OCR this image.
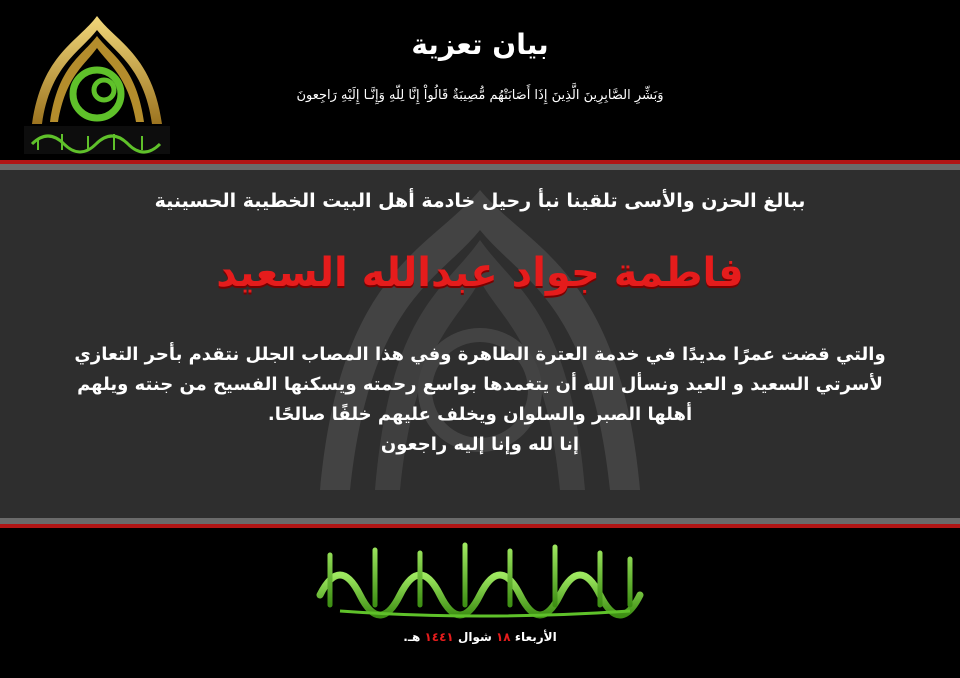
بيان تعزية
وَبَشِّرِ الصَّابِرِينَ الَّذِينَ إِذَا أَصَابَتْهُم مُّصِيبَةٌ قَالُواْ إِنَّا لِلّهِ وَإِنَّـا إِلَيْهِ رَاجِعونَ
ببالغ الحزن والأسى تلقينا نبأ رحيل خادمة أهل البيت الخطيبة الحسينية
فاطمة جواد عبدالله السعيد

والتي قضت عمرًا مديدًا في خدمة العترة الطاهرة وفي هذا المصاب الجلل نتقدم بأحر التعازي

لأسرتي السعيد و العيد ونسأل الله أن يتغمدها بواسع رحمته ويسكنها الفسيح من جنته ويلهم

أهلها الصبر والسلوان ويخلف عليهم خلفًا صالحًا.

إنا لله وإنا إليه راجعون

الأربعاء ١٨ شوال ١٤٤١ هـ.
